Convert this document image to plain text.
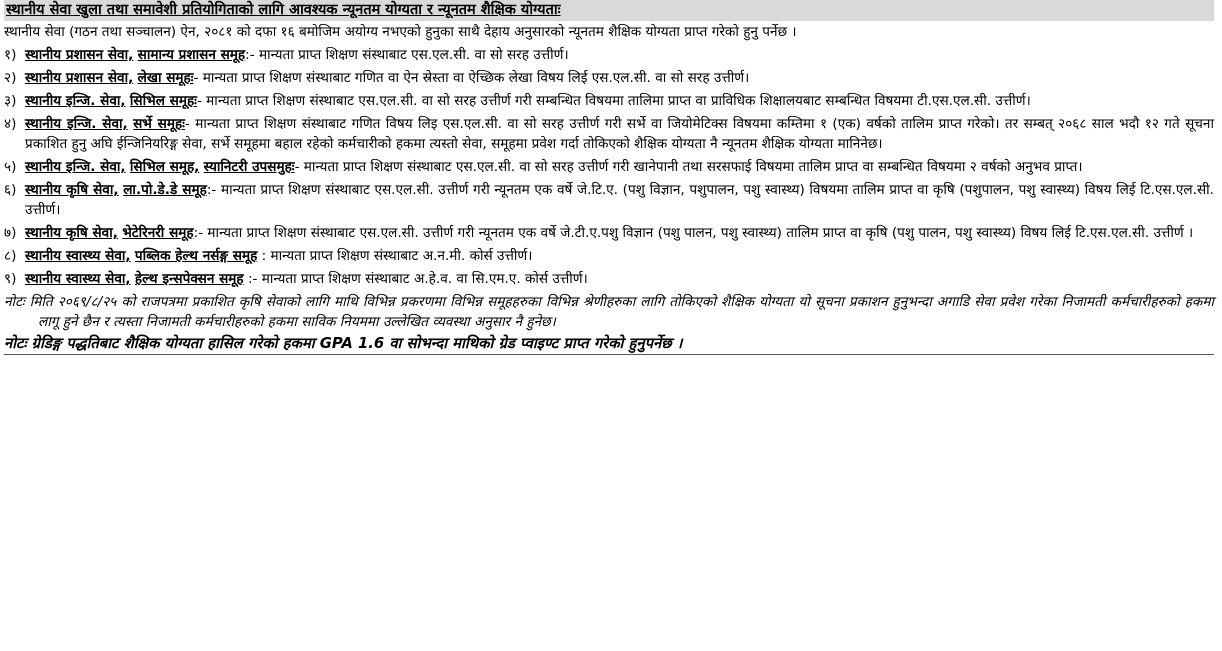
स्थानीय सेवा खुला तथा समावेशी प्रतियोगिताको लागि आवश्यक न्यूनतम योग्यता र न्यूनतम शैक्षिक योग्यताः
स्थानीय सेवा (गठन तथा सञ्चालन) ऐन, २०८१ को दफा १६ बमोजिम अयोग्य नभएको हुनुका साथै देहाय अनुसारको न्यूनतम शैक्षिक योग्यता प्राप्त गरेको हुनु पर्नेछ ।
१) स्थानीय प्रशासन सेवा, सामान्य प्रशासन समूह:- मान्यता प्राप्त शिक्षण संस्थाबाट एस.एल.सी. वा सो सरह उत्तीर्ण।
२) स्थानीय प्रशासन सेवा, लेखा समूहः- मान्यता प्राप्त शिक्षण संस्थाबाट गणित वा ऐन स्रेस्ता वा ऐच्छिक लेखा विषय लिई एस.एल.सी. वा सो सरह उत्तीर्ण।
३) स्थानीय इन्जि. सेवा, सिभिल समूहः- मान्यता प्राप्त शिक्षण संस्थाबाट एस.एल.सी. वा सो सरह उत्तीर्ण गरी सम्बन्धित विषयमा तालिमा प्राप्त वा प्राविधिक शिक्षालयबाट सम्बन्धित विषयमा टी.एस.एल.सी. उत्तीर्ण।
४) स्थानीय इन्जि. सेवा, सर्भे समूहः- मान्यता प्राप्त शिक्षण संस्थाबाट गणित विषय लिइ एस.एल.सी. वा सो सरह उत्तीर्ण गरी सर्भे वा जियोमेटिक्स विषयमा कम्तिमा १ (एक) वर्षको तालिम प्राप्त गरेको। तर सम्बत् २०६८ साल भदौ १२ गते सूचना प्रकाशित हुनु अघि ईन्जिनियरिङ्ग सेवा, सर्भे समूहमा बहाल रहेको कर्मचारीको हकमा त्यस्तो सेवा, समूहमा प्रवेश गर्दा तोकिएको शैक्षिक योग्यता नै न्यूनतम शैक्षिक योग्यता मानिनेछ।
५) स्थानीय इन्जि. सेवा, सिभिल समूह, स्यानिटरी उपसमुहः- मान्यता प्राप्त शिक्षण संस्थाबाट एस.एल.सी. वा सो सरह उत्तीर्ण गरी खानेपानी तथा सरसफाई विषयमा तालिम प्राप्त वा सम्बन्धित विषयमा २ वर्षको अनुभव प्राप्त।
६) स्थानीय कृषि सेवा, ला.पो.डे.डे समूह:- मान्यता प्राप्त शिक्षण संस्थाबाट एस.एल.सी. उत्तीर्ण गरी न्यूनतम एक वर्षे जे.टि.ए. (पशु विज्ञान, पशुपालन, पशु स्वास्थ्य) विषयमा तालिम प्राप्त वा कृषि (पशुपालन, पशु स्वास्थ्य) विषय लिई टि.एस.एल.सी. उत्तीर्ण।
७) स्थानीय कृषि सेवा, भेटेरिनरी समूह:- मान्यता प्राप्त शिक्षण संस्थाबाट एस.एल.सी. उत्तीर्ण गरी न्यूनतम एक वर्षे जे.टी.ए.पशु विज्ञान (पशु पालन, पशु स्वास्थ्य) तालिम प्राप्त वा कृषि (पशु पालन, पशु स्वास्थ्य) विषय लिई टि.एस.एल.सी. उत्तीर्ण ।
८) स्थानीय स्वास्थ्य सेवा, पब्लिक हेल्थ नर्सङ्ग समूह : मान्यता प्राप्त शिक्षण संस्थाबाट अ.न.मी. कोर्स उत्तीर्ण।
९) स्थानीय स्वास्थ्य सेवा, हेल्थ इन्सपेक्सन समूह :- मान्यता प्राप्त शिक्षण संस्थाबाट अ.हे.व. वा सि.एम.ए. कोर्स उत्तीर्ण।
नोटः मिति २०६९/८/२५ को राजपत्रमा प्रकाशित कृषि सेवाको लागि माथि विभिन्न प्रकरणमा विभिन्न समूहहरुका विभिन्न श्रेणीहरुका लागि तोकिएको शैक्षिक योग्यता यो सूचना प्रकाशन हुनुभन्दा अगाडि सेवा प्रवेश गरेका निजामती कर्मचारीहरुको हकमा लागू हुने छैन र त्यस्ता निजामती कर्मचारीहरुको हकमा साविक नियममा उल्लेखित व्यवस्था अनुसार नै हुनेछ।
नोटः ग्रेडिङ्ग पद्धतिबाट शैक्षिक योग्यता हासिल गरेको हकमा GPA 1.6 वा सोभन्दा माथिको ग्रेड प्वाइण्ट प्राप्त गरेको हुनुपर्नेछ ।
